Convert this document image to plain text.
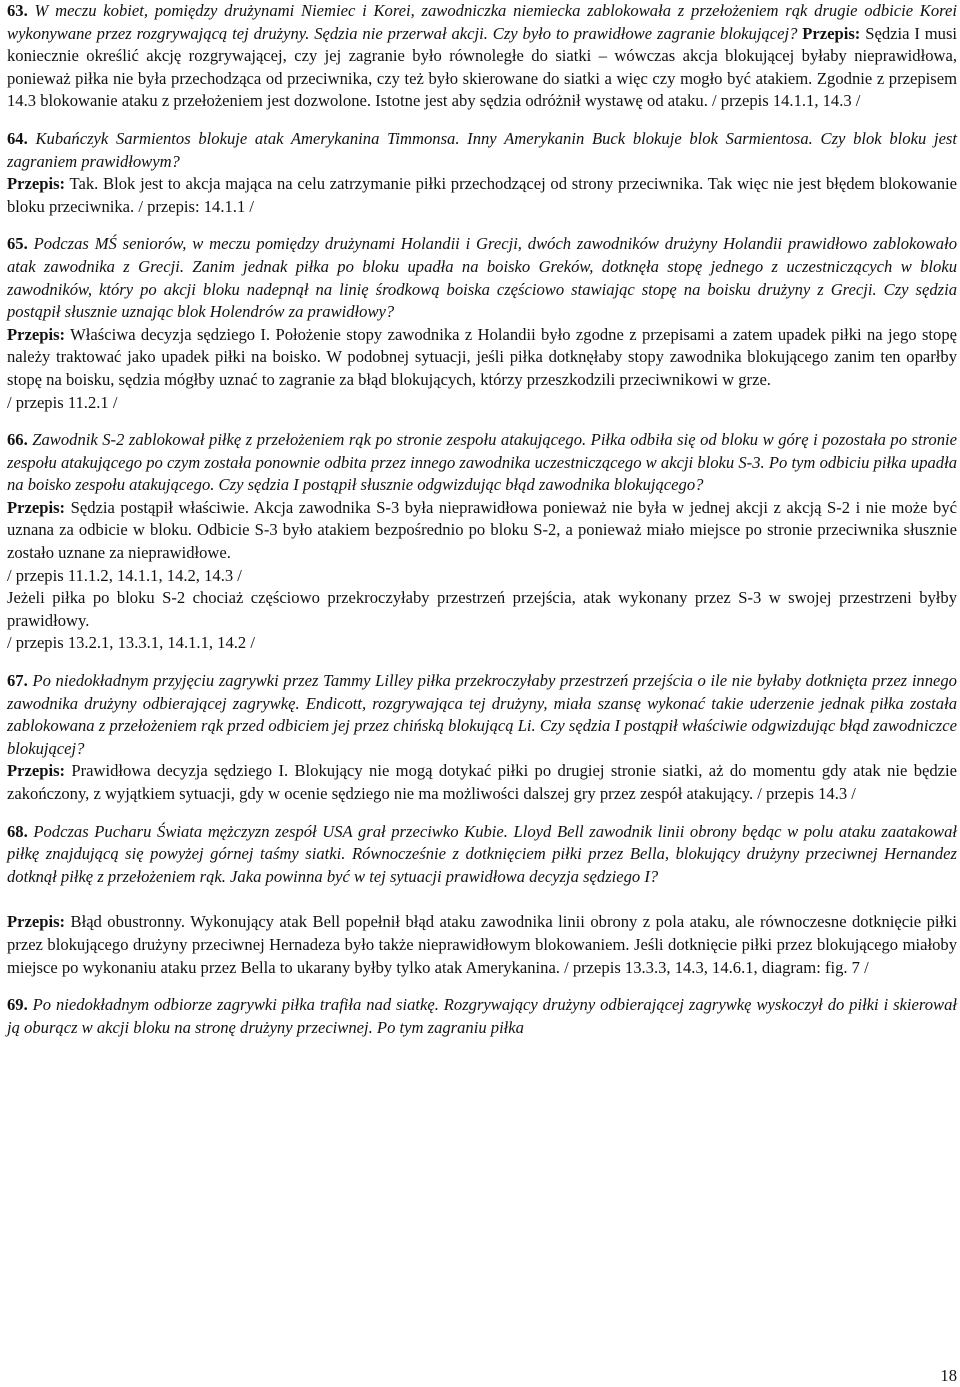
63. W meczu kobiet, pomiędzy drużynami Niemiec i Korei, zawodniczka niemiecka zablokowała z przełożeniem rąk drugie odbicie Korei wykonywane przez rozgrywającą tej drużyny. Sędzia nie przerwał akcji. Czy było to prawidłowe zagranie blokującej? Przepis: Sędzia I musi koniecznie określić akcję rozgrywającej, czy jej zagranie było równoległe do siatki – wówczas akcja blokującej byłaby nieprawidłowa, ponieważ piłka nie była przechodząca od przeciwnika, czy też było skierowane do siatki a więc czy mogło być atakiem. Zgodnie z przepisem 14.3 blokowanie ataku z przełożeniem jest dozwolone. Istotne jest aby sędzia odróżnił wystawę od ataku. / przepis 14.1.1, 14.3 /

64. Kubańczyk Sarmientos blokuje atak Amerykanina Timmonsa. Inny Amerykanin Buck blokuje blok Sarmientosa. Czy blok bloku jest zagraniem prawidłowym?

Przepis: Tak. Blok jest to akcja mająca na celu zatrzymanie piłki przechodzącej od strony przeciwnika. Tak więc nie jest błędem blokowanie bloku przeciwnika. / przepis: 14.1.1 /

65. Podczas MŚ seniorów, w meczu pomiędzy drużynami Holandii i Grecji, dwóch zawodników drużyny Holandii prawidłowo zablokowało atak zawodnika z Grecji. Zanim jednak piłka po bloku upadła na boisko Greków, dotknęła stopę jednego z uczestniczących w bloku zawodników, który po akcji bloku nadepnął na linię środkową boiska częściowo stawiając stopę na boisku drużyny z Grecji. Czy sędzia postąpił słusznie uznając blok Holendrów za prawidłowy?

Przepis: Właściwa decyzja sędziego I. Położenie stopy zawodnika z Holandii było zgodne z przepisami a zatem upadek piłki na jego stopę należy traktować jako upadek piłki na boisko. W podobnej sytuacji, jeśli piłka dotknęłaby stopy zawodnika blokującego zanim ten oparłby stopę na boisku, sędzia mógłby uznać to zagranie za błąd blokujących, którzy przeszkodzili przeciwnikowi w grze.

/ przepis 11.2.1 /

66. Zawodnik S-2 zablokował piłkę z przełożeniem rąk po stronie zespołu atakującego. Piłka odbiła się od bloku w górę i pozostała po stronie zespołu atakującego po czym została ponownie odbita przez innego zawodnika uczestniczącego w akcji bloku S-3. Po tym odbiciu piłka upadła na boisko zespołu atakującego. Czy sędzia I postąpił słusznie odgwizdując błąd zawodnika blokującego?

Przepis: Sędzia postąpił właściwie. Akcja zawodnika S-3 była nieprawidłowa ponieważ nie była w jednej akcji z akcją S-2 i nie może być uznana za odbicie w bloku. Odbicie S-3 było atakiem bezpośrednio po bloku S-2, a ponieważ miało miejsce po stronie przeciwnika słusznie zostało uznane za nieprawidłowe.

/ przepis 11.1.2, 14.1.1, 14.2, 14.3 /

Jeżeli piłka po bloku S-2 chociaż częściowo przekroczyłaby przestrzeń przejścia, atak wykonany przez S-3 w swojej przestrzeni byłby prawidłowy.

/ przepis 13.2.1, 13.3.1, 14.1.1, 14.2 /

67. Po niedokładnym przyjęciu zagrywki przez Tammy Lilley piłka przekroczyłaby przestrzeń przejścia o ile nie byłaby dotknięta przez innego zawodnika drużyny odbierającej zagrywkę. Endicott, rozgrywająca tej drużyny, miała szansę wykonać takie uderzenie jednak piłka została zablokowana z przełożeniem rąk przed odbiciem jej przez chińską blokującą Li. Czy sędzia I postąpił właściwie odgwizdując błąd zawodniczce blokującej?

Przepis: Prawidłowa decyzja sędziego I. Blokujący nie mogą dotykać piłki po drugiej stronie siatki, aż do momentu gdy atak nie będzie zakończony, z wyjątkiem sytuacji, gdy w ocenie sędziego nie ma możliwości dalszej gry przez zespół atakujący. / przepis 14.3 /

68. Podczas Pucharu Świata mężczyzn zespół USA grał przeciwko Kubie. Lloyd Bell zawodnik linii obrony będąc w polu ataku zaatakował piłkę znajdującą się powyżej górnej taśmy siatki. Równocześnie z dotknięciem piłki przez Bella, blokujący drużyny przeciwnej Hernandez dotknął piłkę z przełożeniem rąk. Jaka powinna być w tej sytuacji prawidłowa decyzja sędziego I?

Przepis: Błąd obustronny. Wykonujący atak Bell popełnił błąd ataku zawodnika linii obrony z pola ataku, ale równoczesne dotknięcie piłki przez blokującego drużyny przeciwnej Hernadeza było także nieprawidłowym blokowaniem. Jeśli dotknięcie piłki przez blokującego miałoby miejsce po wykonaniu ataku przez Bella to ukarany byłby tylko atak Amerykanina. / przepis 13.3.3, 14.3, 14.6.1, diagram: fig. 7 /

69. Po niedokładnym odbiorze zagrywki piłka trafiła nad siatkę. Rozgrywający drużyny odbierającej zagrywkę wyskoczył do piłki i skierował ją oburącz w akcji bloku na stronę drużyny przeciwnej. Po tym zagraniu piłka

18
